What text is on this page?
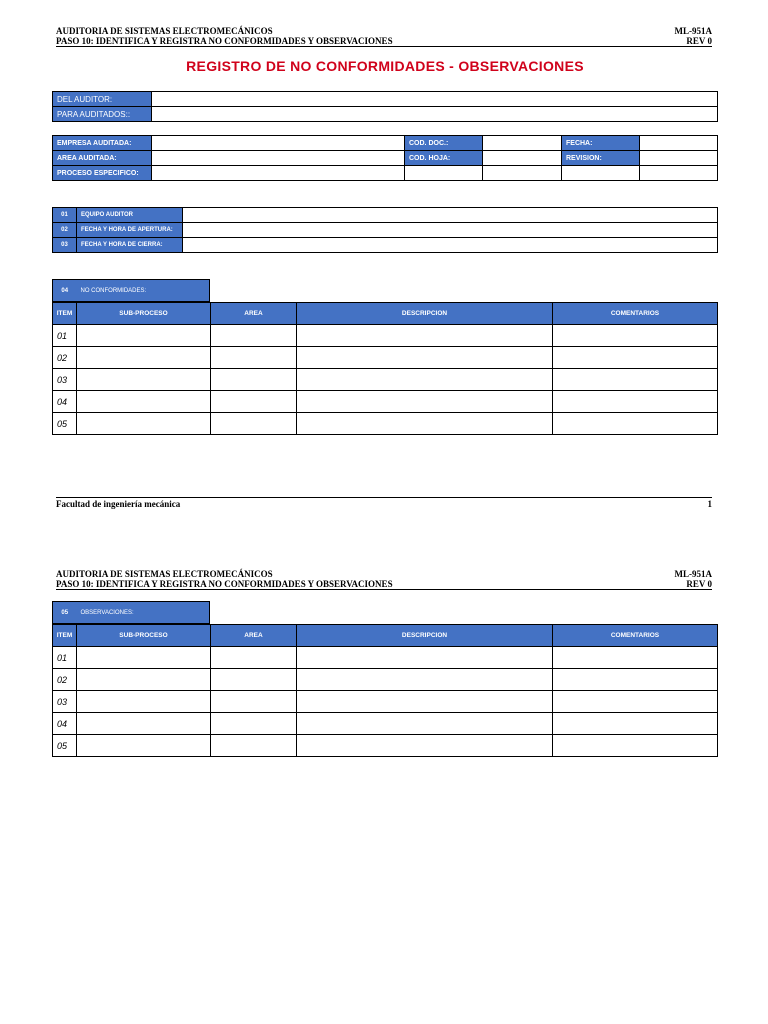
AUDITORIA DE SISTEMAS ELECTROMECÁNICOS
PASO 10: IDENTIFICA Y REGISTRA NO CONFORMIDADES Y OBSERVACIONES
ML-951A
REV 0
REGISTRO DE NO CONFORMIDADES - OBSERVACIONES
DEL AUDITOR:	
PARA AUDITADOS::	
EMPRESA AUDITADA:		COD. DOC.:		FECHA:	
AREA AUDITADA:		COD. HOJA:		REVISION:	
PROCESO ESPECIFICO:					
01	EQUIPO AUDITOR	
02	FECHA Y HORA DE APERTURA:	
03	FECHA Y HORA DE CIERRA:	
04	NO CONFORMIDADES:
ITEM	SUB-PROCESO	AREA	DESCRIPCION	COMENTARIOS
01				
02				
03				
04				
05				
Facultad de ingeniería mecánica	1
AUDITORIA DE SISTEMAS ELECTROMECÁNICOS
PASO 10: IDENTIFICA Y REGISTRA NO CONFORMIDADES Y OBSERVACIONES
ML-951A
REV 0
05	OBSERVACIONES:
ITEM	SUB-PROCESO	AREA	DESCRIPCION	COMENTARIOS
01				
02				
03				
04				
05				
